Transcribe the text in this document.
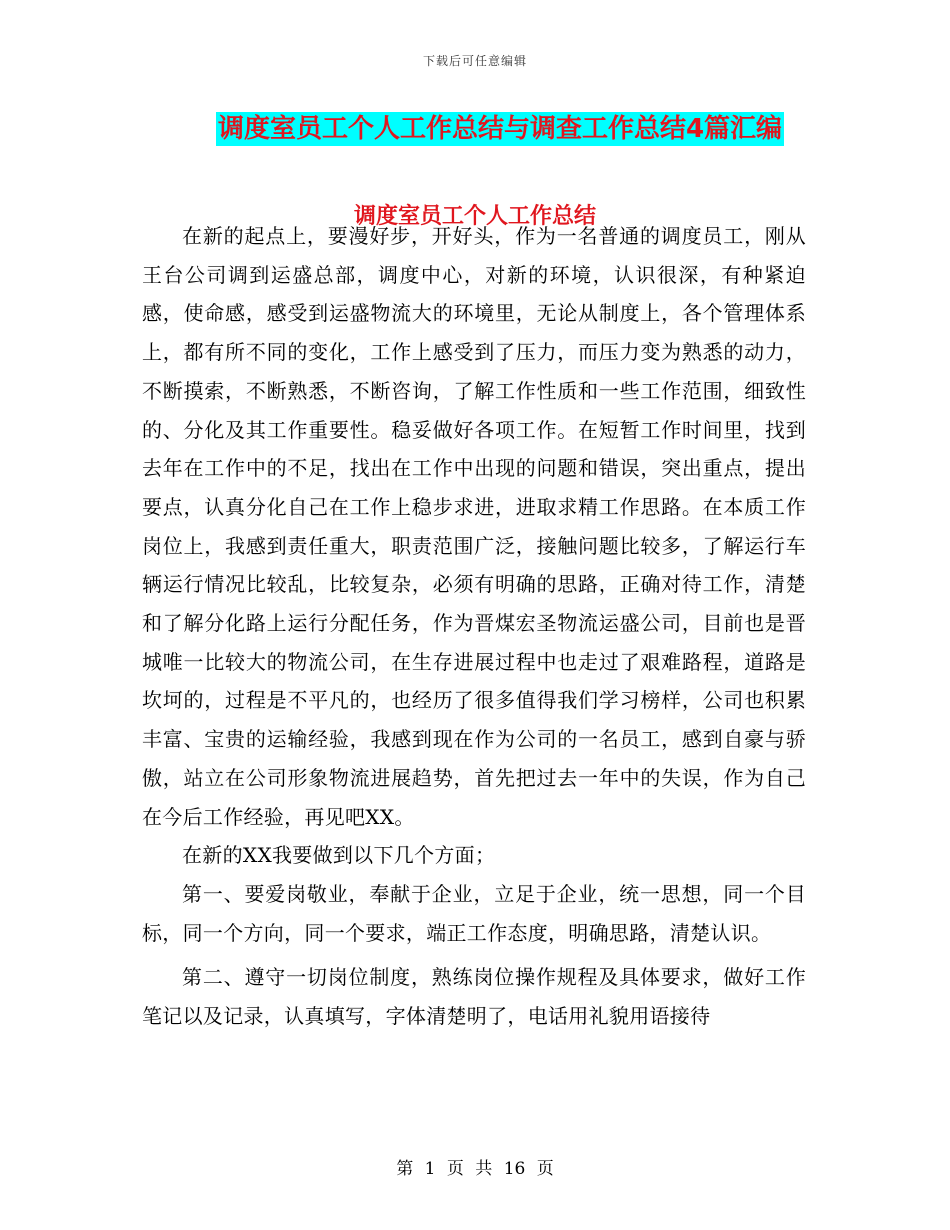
下载后可任意编辑
调度室员工个人工作总结与调查工作总结4篇汇编
调度室员工个人工作总结

在新的起点上，要漫好步，开好头，作为一名普通的调度员工，刚从王台公司调到运盛总部，调度中心，对新的环境，认识很深，有种紧迫感，使命感，感受到运盛物流大的环境里，无论从制度上，各个管理体系上，都有所不同的变化，工作上感受到了压力，而压力变为熟悉的动力，不断摸索，不断熟悉，不断咨询，了解工作性质和一些工作范围，细致性的、分化及其工作重要性。稳妥做好各项工作。在短暂工作时间里，找到去年在工作中的不足，找出在工作中出现的问题和错误，突出重点，提出要点，认真分化自己在工作上稳步求进，进取求精工作思路。在本质工作岗位上，我感到责任重大，职责范围广泛，接触问题比较多，了解运行车辆运行情况比较乱，比较复杂，必须有明确的思路，正确对待工作，清楚和了解分化路上运行分配任务，作为晋煤宏圣物流运盛公司，目前也是晋城唯一比较大的物流公司，在生存进展过程中也走过了艰难路程，道路是坎坷的，过程是不平凡的，也经历了很多值得我们学习榜样，公司也积累丰富、宝贵的运输经验，我感到现在作为公司的一名员工，感到自豪与骄傲，站立在公司形象物流进展趋势，首先把过去一年中的失误，作为自己在今后工作经验，再见吧XX。

在新的XX我要做到以下几个方面；

第一、要爱岗敬业，奉献于企业，立足于企业，统一思想，同一个目标，同一个方向，同一个要求，端正工作态度，明确思路，清楚认识。

第二、遵守一切岗位制度，熟练岗位操作规程及具体要求，做好工作笔记以及记录，认真填写，字体清楚明了，电话用礼貌用语接待

第 1 页 共 16 页
